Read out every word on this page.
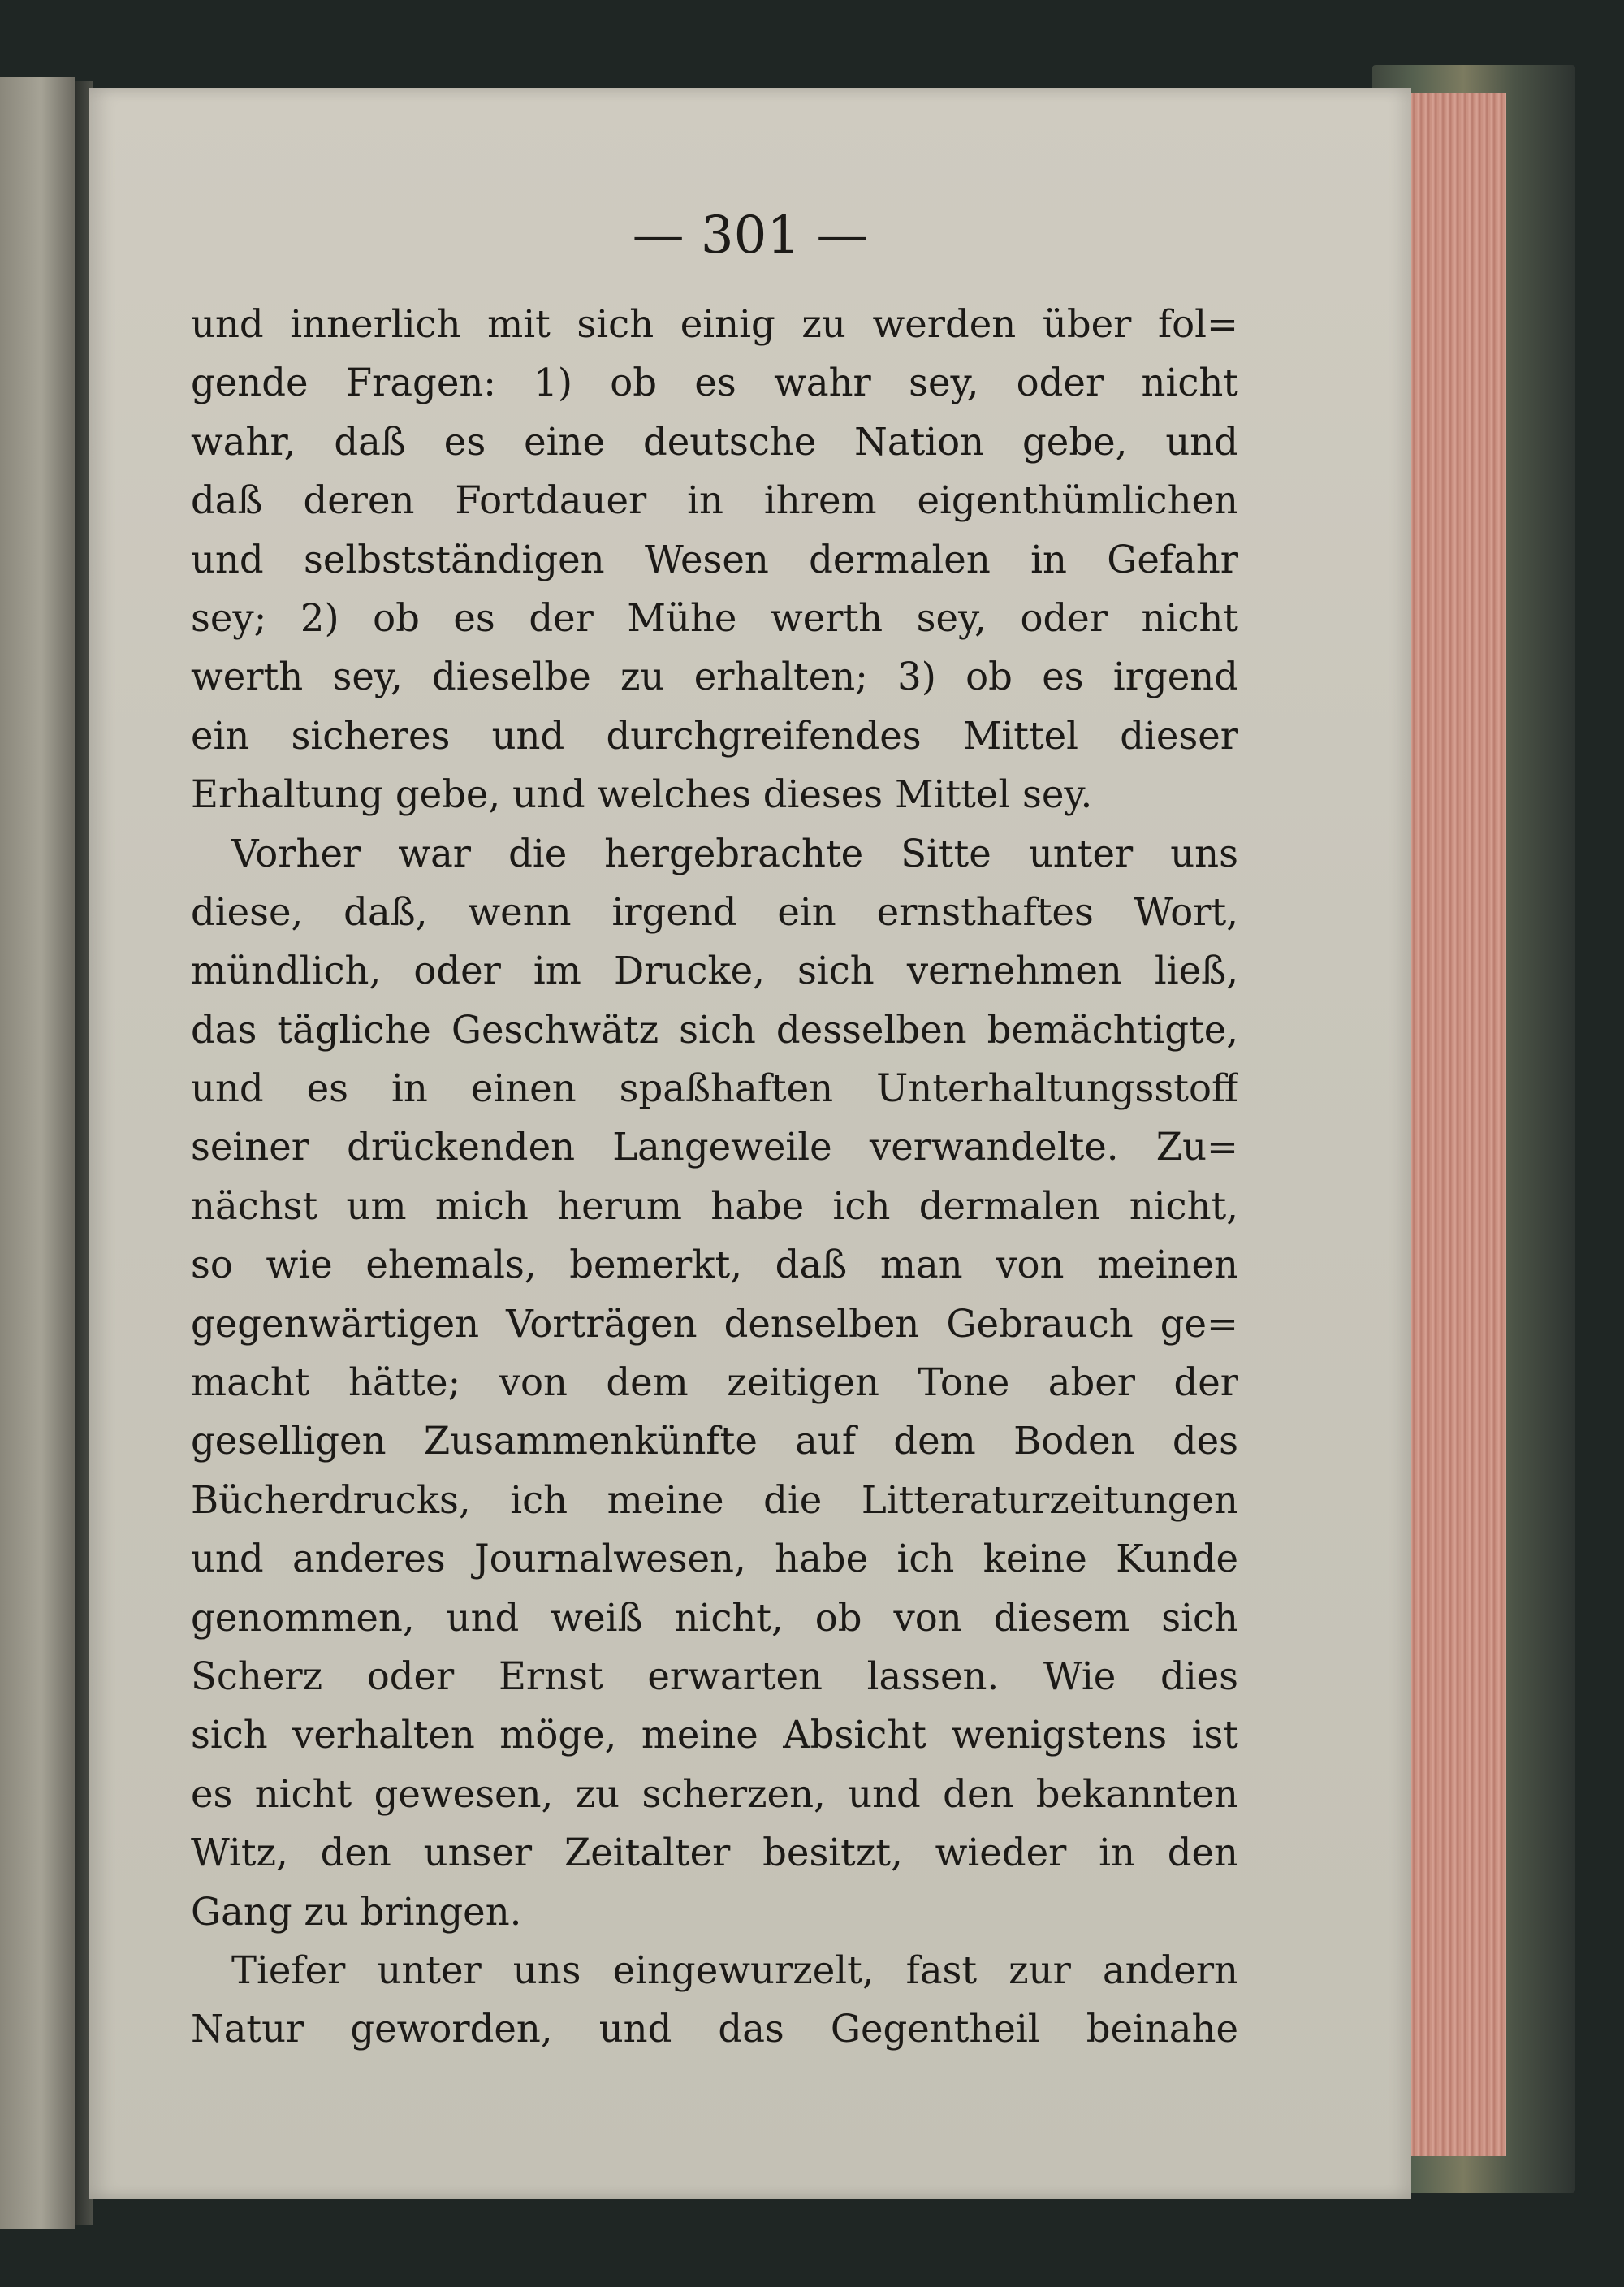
— 301 —
und innerlich mit sich einig zu werden über fol=
gende Fragen: 1) ob es wahr sey, oder nicht
wahr, daß es eine deutsche Nation gebe, und
daß deren Fortdauer in ihrem eigenthümlichen
und selbstständigen Wesen dermalen in Gefahr
sey; 2) ob es der Mühe werth sey, oder nicht
werth sey, dieselbe zu erhalten; 3) ob es irgend
ein sicheres und durchgreifendes Mittel dieser
Erhaltung gebe, und welches dieses Mittel sey.
Vorher war die hergebrachte Sitte unter uns
diese, daß, wenn irgend ein ernsthaftes Wort,
mündlich, oder im Drucke, sich vernehmen ließ,
das tägliche Geschwätz sich desselben bemächtigte,
und es in einen spaßhaften Unterhaltungsstoff
seiner drückenden Langeweile verwandelte. Zu=
nächst um mich herum habe ich dermalen nicht,
so wie ehemals, bemerkt, daß man von meinen
gegenwärtigen Vorträgen denselben Gebrauch ge=
macht hätte; von dem zeitigen Tone aber der
geselligen Zusammenkünfte auf dem Boden des
Bücherdrucks, ich meine die Litteraturzeitungen
und anderes Journalwesen, habe ich keine Kunde
genommen, und weiß nicht, ob von diesem sich
Scherz oder Ernst erwarten lassen. Wie dies
sich verhalten möge, meine Absicht wenigstens ist
es nicht gewesen, zu scherzen, und den bekannten
Witz, den unser Zeitalter besitzt, wieder in den
Gang zu bringen.
Tiefer unter uns eingewurzelt, fast zur andern
Natur geworden, und das Gegentheil beinahe
